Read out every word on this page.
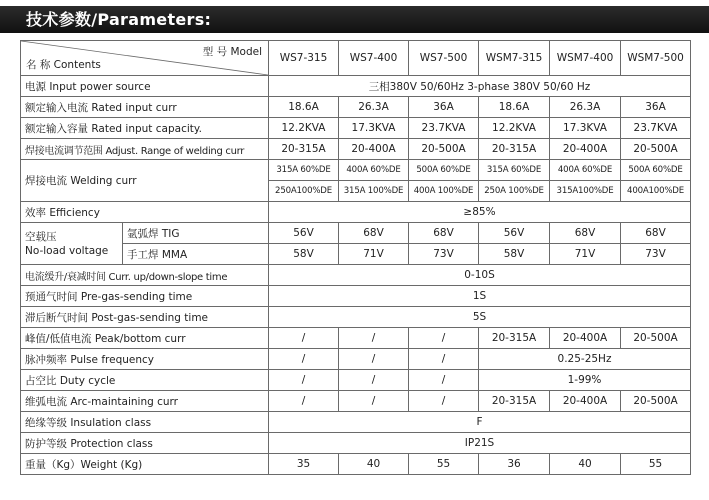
技术参数/Parameters:
型 号 Model
名 称 Contents		WS7-315	WS7-400	WS7-500	WSM7-315	WSM7-400	WSM7-500
电源 Input power source		三相380V 50/60Hz 3-phase 380V 50/60 Hz					
额定输入电流 Rated input curr		18.6A	26.3A	36A	18.6A	26.3A	36A
额定输入容量 Rated input capacity.		12.2KVA	17.3KVA	23.7KVA	12.2KVA	17.3KVA	23.7KVA
焊接电流调节范围 Adjust. Range of welding curr		20-315A	20-400A	20-500A	20-315A	20-400A	20-500A
焊接电流 Welding curr		315A 60%DE	400A 60%DE	500A 60%DE	315A 60%DE	400A 60%DE	500A 60%DE
		250A100%DE	315A 100%DE	400A 100%DE	250A 100%DE	315A100%DE	400A100%DE
效率 Efficiency		≥85%					

空载压
No-load voltage	氩弧焊 TIG	56V	68V	68V	56V	68V	68V
	手工焊 MMA	58V	71V	73V	58V	71V	73V
电流缓升/衰减时间 Curr. up/down-slope time		0-10S					
预通气时间 Pre-gas-sending time		1S					
滞后断气时间 Post-gas-sending time		5S					
峰值/低值电流 Peak/bottom curr		/	/	/	20-315A	20-400A	20-500A
脉冲频率 Pulse frequency		/	/	/	0.25-25Hz		
占空比 Duty cycle		/	/	/	1-99%		
维弧电流 Arc-maintaining curr		/	/	/	20-315A	20-400A	20-500A
绝缘等级 Insulation class		F					
防护等级 Protection class		IP21S					
重量（Kg）Weight (Kg)		35	40	55	36	40	55
